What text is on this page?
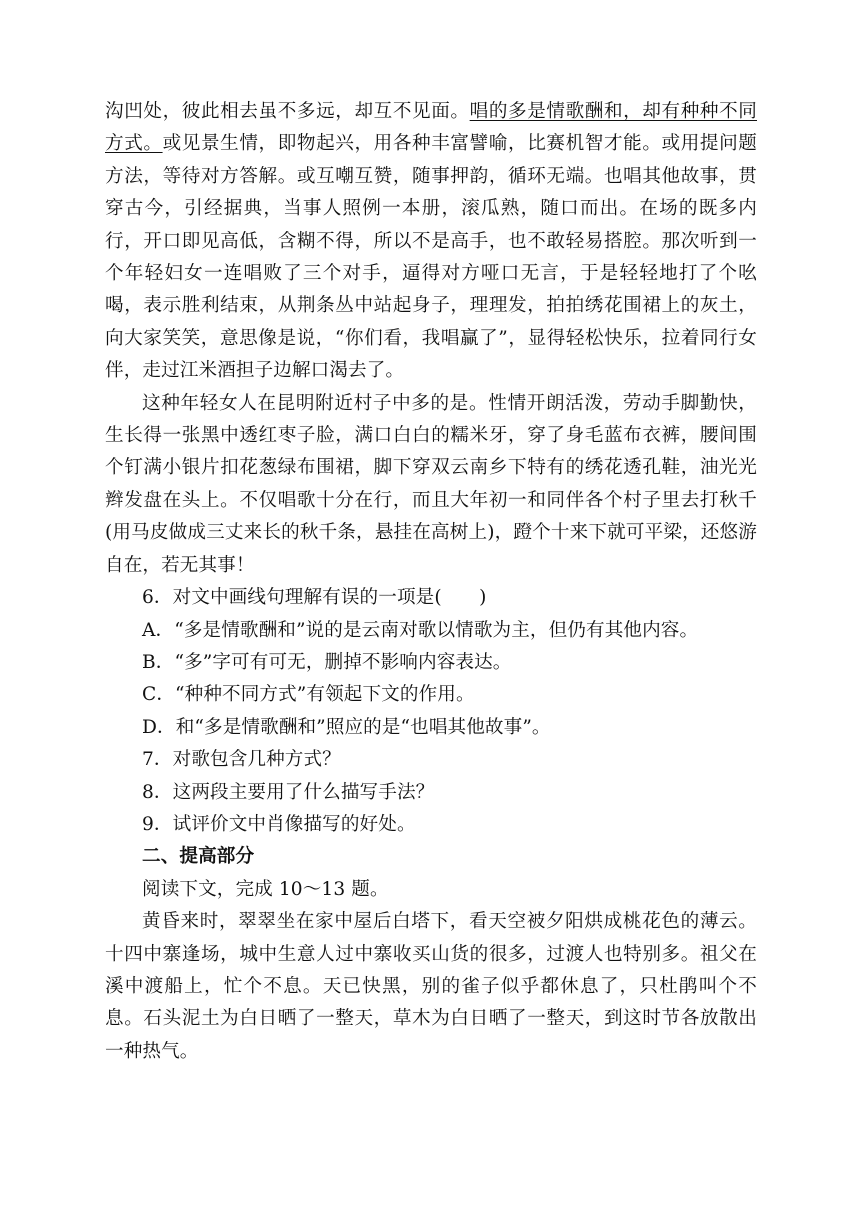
沟凹处，彼此相去虽不多远，却互不见面。唱的多是情歌酬和，却有种种不同方式。或见景生情，即物起兴，用各种丰富譬喻，比赛机智才能。或用提问题方法，等待对方答解。或互嘲互赞，随事押韵，循环无端。也唱其他故事，贯穿古今，引经据典，当事人照例一本册，滚瓜熟，随口而出。在场的既多内行，开口即见高低，含糊不得，所以不是高手，也不敢轻易搭腔。那次听到一个年轻妇女一连唱败了三个对手，逼得对方哑口无言，于是轻轻地打了个吆喝，表示胜利结束，从荆条丛中站起身子，理理发，拍拍绣花围裙上的灰土，向大家笑笑，意思像是说，“你们看，我唱赢了”，显得轻松快乐，拉着同行女伴，走过江米酒担子边解口渴去了。

这种年轻女人在昆明附近村子中多的是。性情开朗活泼，劳动手脚勤快，生长得一张黑中透红枣子脸，满口白白的糯米牙，穿了身毛蓝布衣裤，腰间围个钉满小银片扣花葱绿布围裙，脚下穿双云南乡下特有的绣花透孔鞋，油光光辫发盘在头上。不仅唱歌十分在行，而且大年初一和同伴各个村子里去打秋千(用马皮做成三丈来长的秋千条，悬挂在高树上)，蹬个十来下就可平梁，还悠游自在，若无其事！

6．对文中画线句理解有误的一项是(　　)

A．“多是情歌酬和”说的是云南对歌以情歌为主，但仍有其他内容。

B．“多”字可有可无，删掉不影响内容表达。

C．“种种不同方式”有领起下文的作用。

D．和“多是情歌酬和”照应的是“也唱其他故事”。

7．对歌包含几种方式？

8．这两段主要用了什么描写手法？

9．试评价文中肖像描写的好处。

二、提高部分

阅读下文，完成 10～13 题。

黄昏来时，翠翠坐在家中屋后白塔下，看天空被夕阳烘成桃花色的薄云。十四中寨逢场，城中生意人过中寨收买山货的很多，过渡人也特别多。祖父在溪中渡船上，忙个不息。天已快黑，别的雀子似乎都休息了，只杜鹃叫个不息。石头泥土为白日晒了一整天，草木为白日晒了一整天，到这时节各放散出一种热气。
